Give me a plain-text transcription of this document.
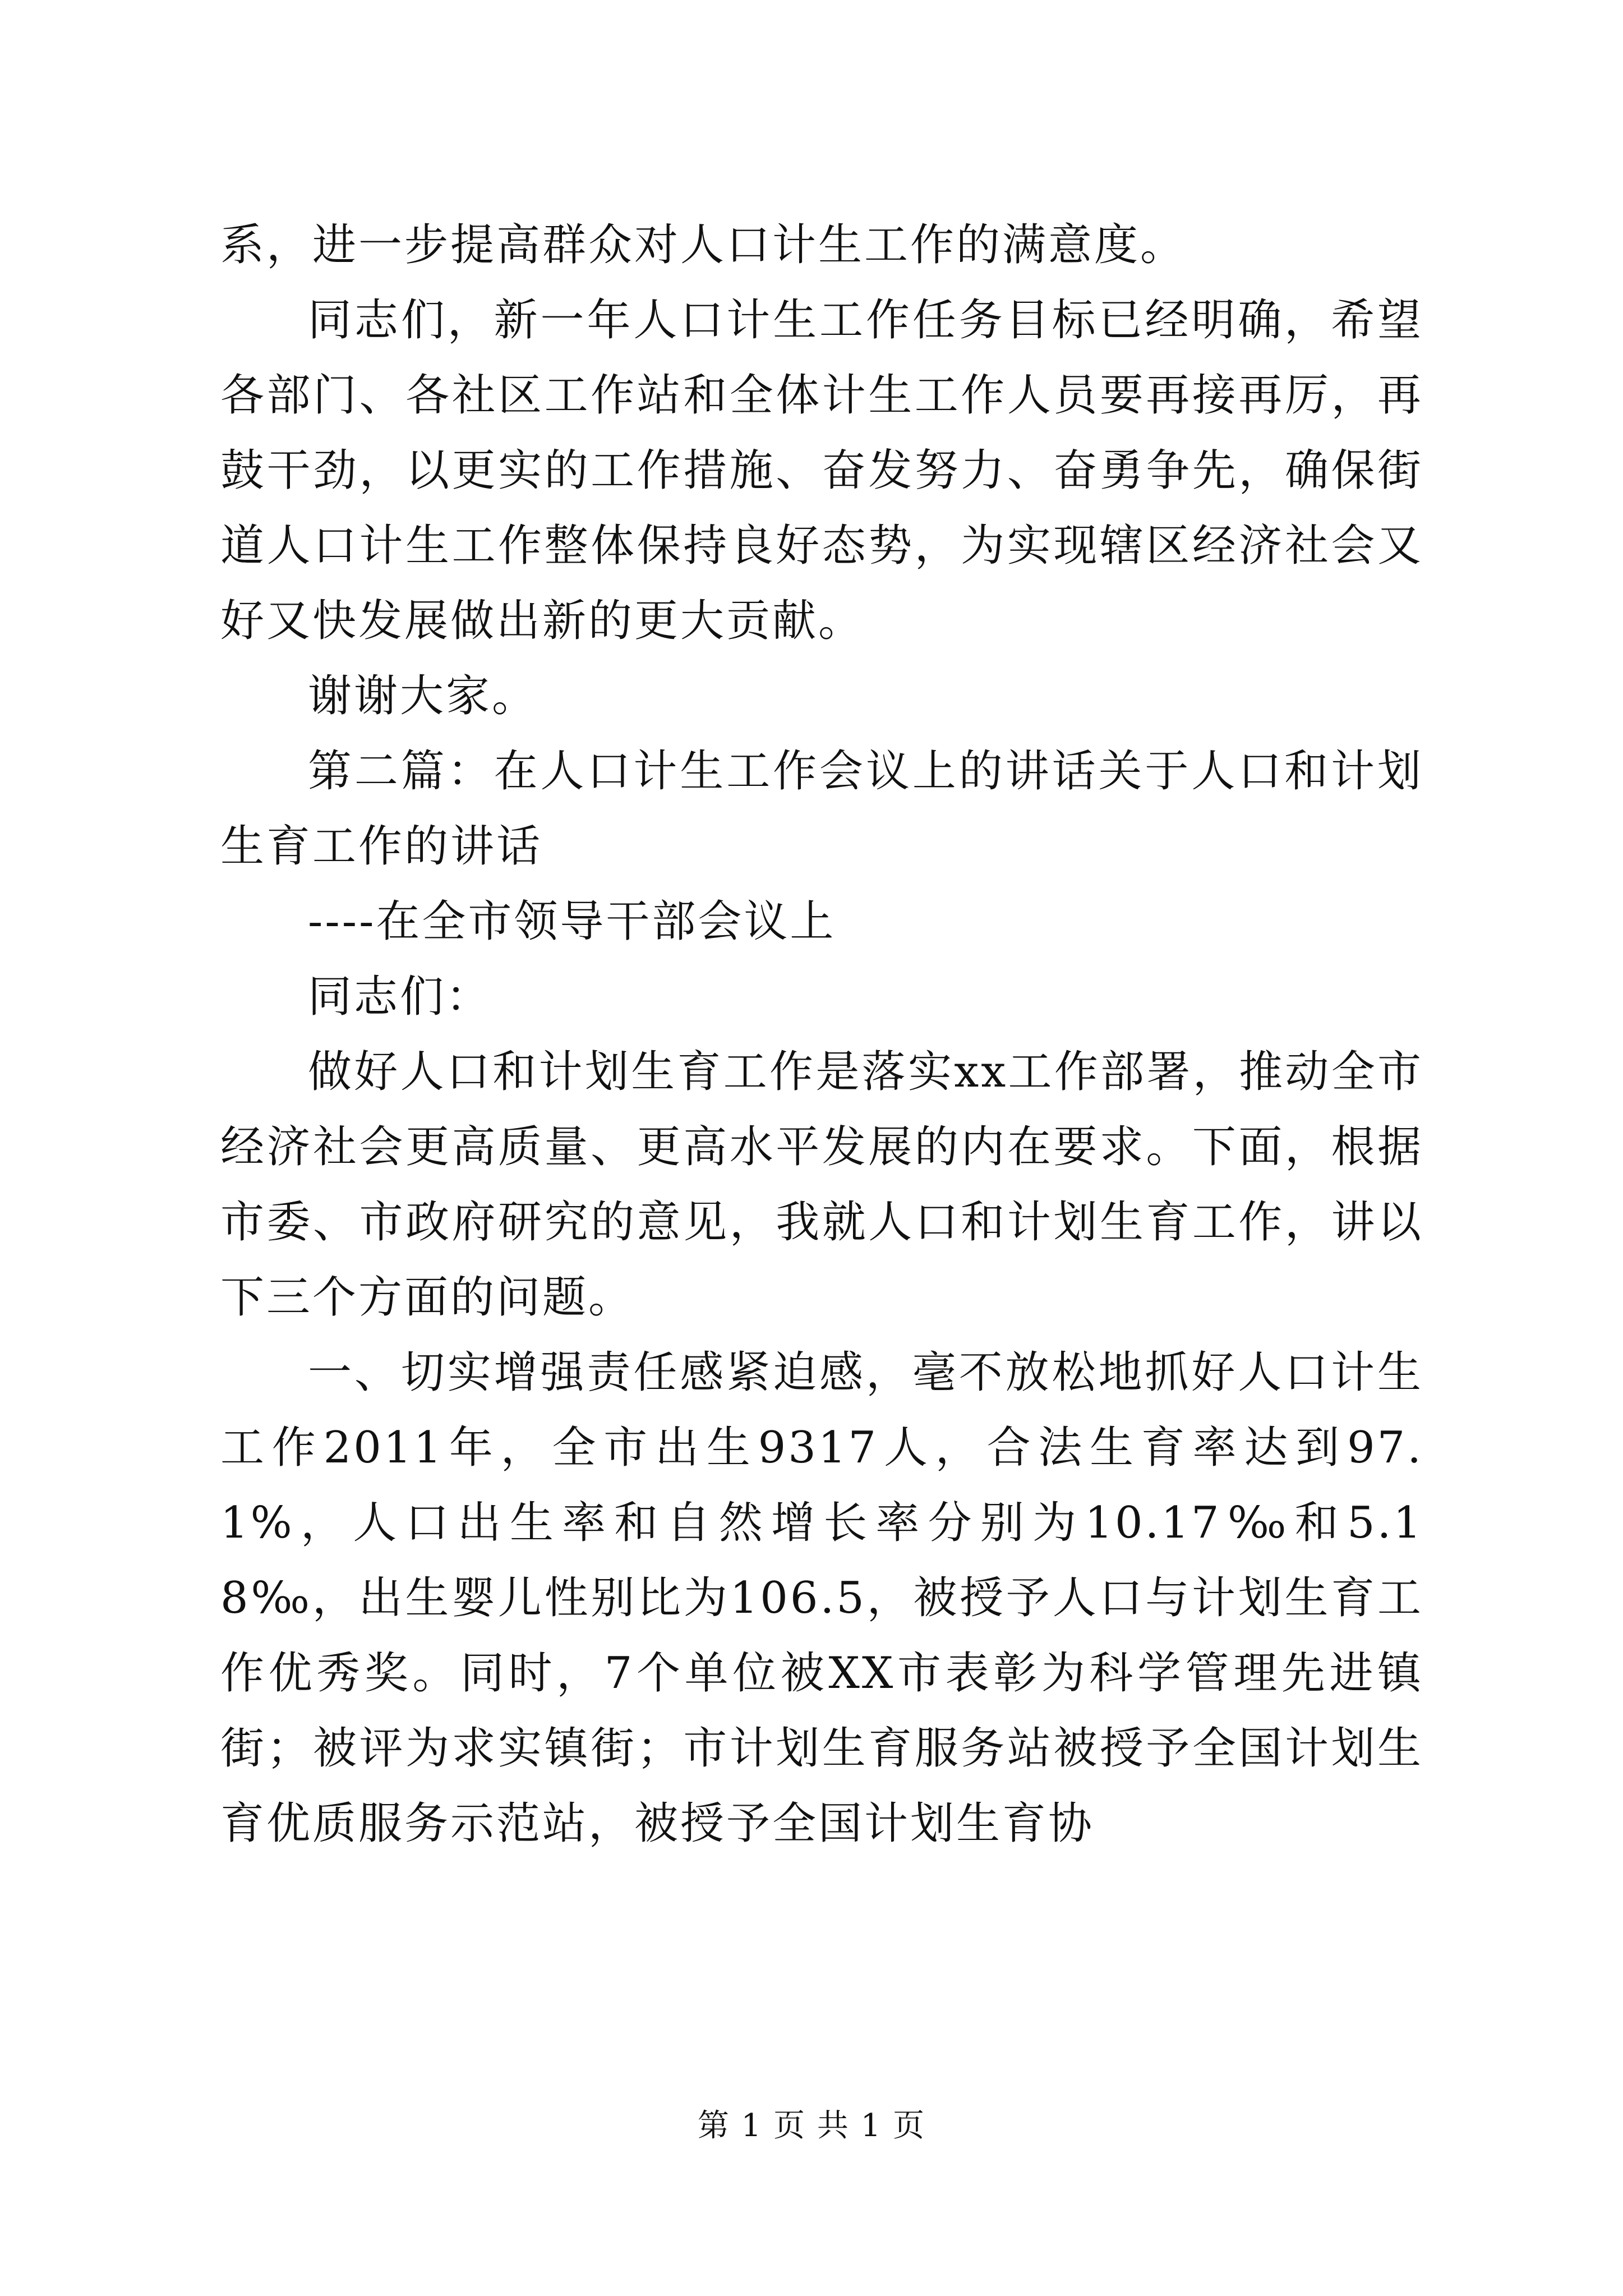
系，进一步提高群众对人口计生工作的满意度。

同志们，新一年人口计生工作任务目标已经明确，希望各部门、各社区工作站和全体计生工作人员要再接再厉，再鼓干劲，以更实的工作措施、奋发努力、奋勇争先，确保街道人口计生工作整体保持良好态势，为实现辖区经济社会又好又快发展做出新的更大贡献。

谢谢大家。

第二篇：在人口计生工作会议上的讲话关于人口和计划生育工作的讲话

----在全市领导干部会议上

同志们：

做好人口和计划生育工作是落实xx工作部署，推动全市经济社会更高质量、更高水平发展的内在要求。下面，根据市委、市政府研究的意见，我就人口和计划生育工作，讲以下三个方面的问题。

一、切实增强责任感紧迫感，毫不放松地抓好人口计生工作2011年，全市出生9317人，合法生育率达到97.1%，人口出生率和自然增长率分别为10.17‰和5.18‰，出生婴儿性别比为106.5，被授予人口与计划生育工作优秀奖。同时，7个单位被XX市表彰为科学管理先进镇街；被评为求实镇街；市计划生育服务站被授予全国计划生育优质服务示范站，被授予全国计划生育协

第 1 页 共 1 页
